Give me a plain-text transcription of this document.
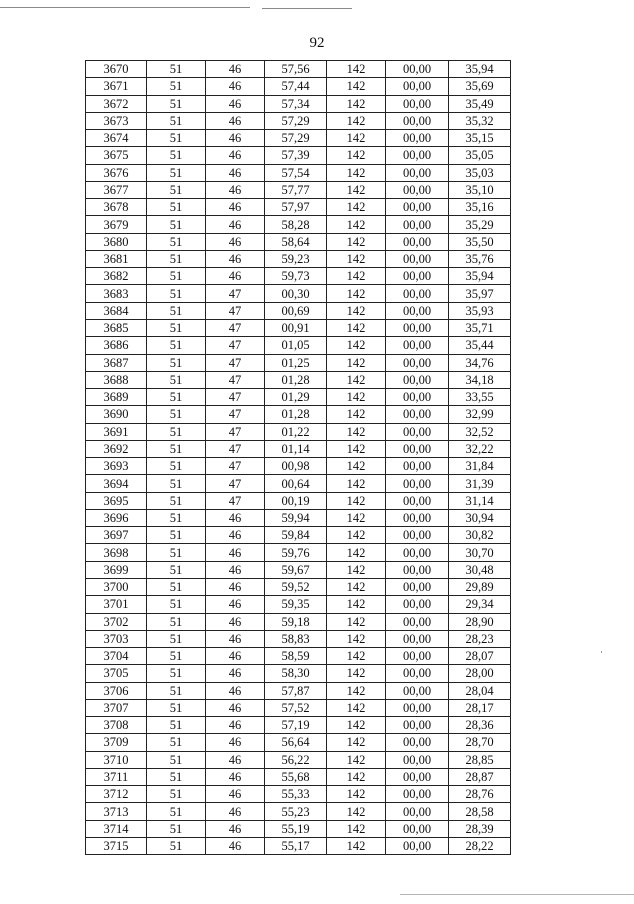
92
3670	51	46	57,56	142	00,00	35,94
3671	51	46	57,44	142	00,00	35,69
3672	51	46	57,34	142	00,00	35,49
3673	51	46	57,29	142	00,00	35,32
3674	51	46	57,29	142	00,00	35,15
3675	51	46	57,39	142	00,00	35,05
3676	51	46	57,54	142	00,00	35,03
3677	51	46	57,77	142	00,00	35,10
3678	51	46	57,97	142	00,00	35,16
3679	51	46	58,28	142	00,00	35,29
3680	51	46	58,64	142	00,00	35,50
3681	51	46	59,23	142	00,00	35,76
3682	51	46	59,73	142	00,00	35,94
3683	51	47	00,30	142	00,00	35,97
3684	51	47	00,69	142	00,00	35,93
3685	51	47	00,91	142	00,00	35,71
3686	51	47	01,05	142	00,00	35,44
3687	51	47	01,25	142	00,00	34,76
3688	51	47	01,28	142	00,00	34,18
3689	51	47	01,29	142	00,00	33,55
3690	51	47	01,28	142	00,00	32,99
3691	51	47	01,22	142	00,00	32,52
3692	51	47	01,14	142	00,00	32,22
3693	51	47	00,98	142	00,00	31,84
3694	51	47	00,64	142	00,00	31,39
3695	51	47	00,19	142	00,00	31,14
3696	51	46	59,94	142	00,00	30,94
3697	51	46	59,84	142	00,00	30,82
3698	51	46	59,76	142	00,00	30,70
3699	51	46	59,67	142	00,00	30,48
3700	51	46	59,52	142	00,00	29,89
3701	51	46	59,35	142	00,00	29,34
3702	51	46	59,18	142	00,00	28,90
3703	51	46	58,83	142	00,00	28,23
3704	51	46	58,59	142	00,00	28,07
3705	51	46	58,30	142	00,00	28,00
3706	51	46	57,87	142	00,00	28,04
3707	51	46	57,52	142	00,00	28,17
3708	51	46	57,19	142	00,00	28,36
3709	51	46	56,64	142	00,00	28,70
3710	51	46	56,22	142	00,00	28,85
3711	51	46	55,68	142	00,00	28,87
3712	51	46	55,33	142	00,00	28,76
3713	51	46	55,23	142	00,00	28,58
3714	51	46	55,19	142	00,00	28,39
3715	51	46	55,17	142	00,00	28,22
